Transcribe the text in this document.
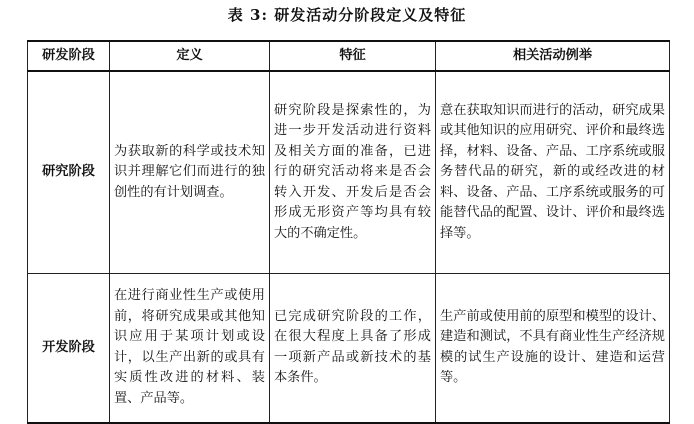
表 3: 研发活动分阶段定义及特征
研发阶段	定义	特征	相关活动例举
研究阶段	为获取新的科学或技术知识并理解它们而进行的独创性的有计划调查。	研究阶段是探索性的，为进一步开发活动进行资料及相关方面的准备，已进行的研究活动将来是否会转入开发、开发后是否会形成无形资产等均具有较大的不确定性。	意在获取知识而进行的活动，研究成果或其他知识的应用研究、评价和最终选择，材料、设备、产品、工序系统或服务替代品的研究，新的或经改进的材料、设备、产品、工序系统或服务的可能替代品的配置、设计、评价和最终选择等。
开发阶段	在进行商业性生产或使用前，将研究成果或其他知识应用于某项计划或设计，以生产出新的或具有实质性改进的材料、装置、产品等。	已完成研究阶段的工作，在很大程度上具备了形成一项新产品或新技术的基本条件。	生产前或使用前的原型和模型的设计、建造和测试，不具有商业性生产经济规模的试生产设施的设计、建造和运营等。
